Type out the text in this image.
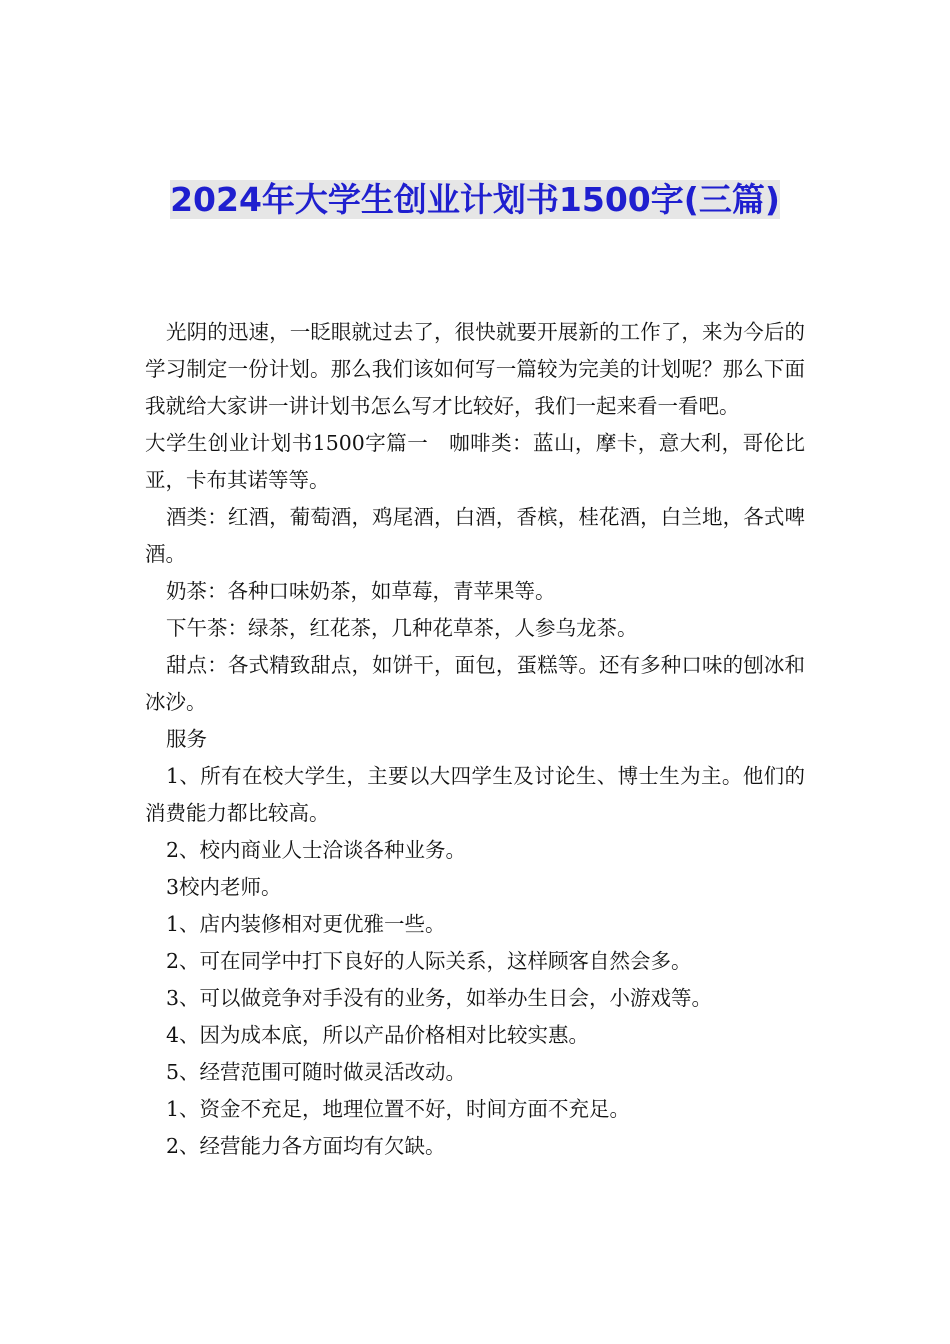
2024年大学生创业计划书1500字(三篇)

光阴的迅速，一眨眼就过去了，很快就要开展新的工作了，来为今后的学习制定一份计划。那么我们该如何写一篇较为完美的计划呢？那么下面我就给大家讲一讲计划书怎么写才比较好，我们一起来看一看吧。

大学生创业计划书1500字篇一　咖啡类：蓝山，摩卡，意大利，哥伦比亚，卡布其诺等等。

酒类：红酒，葡萄酒，鸡尾酒，白酒，香槟，桂花酒，白兰地，各式啤酒。

奶茶：各种口味奶茶，如草莓，青苹果等。

下午茶：绿茶，红花茶，几种花草茶，人参乌龙茶。

甜点：各式精致甜点，如饼干，面包，蛋糕等。还有多种口味的刨冰和冰沙。

服务

1、所有在校大学生，主要以大四学生及讨论生、博士生为主。他们的消费能力都比较高。

2、校内商业人士洽谈各种业务。

3校内老师。

1、店内装修相对更优雅一些。

2、可在同学中打下良好的人际关系，这样顾客自然会多。

3、可以做竞争对手没有的业务，如举办生日会，小游戏等。

4、因为成本底，所以产品价格相对比较实惠。

5、经营范围可随时做灵活改动。

1、资金不充足，地理位置不好，时间方面不充足。

2、经营能力各方面均有欠缺。
